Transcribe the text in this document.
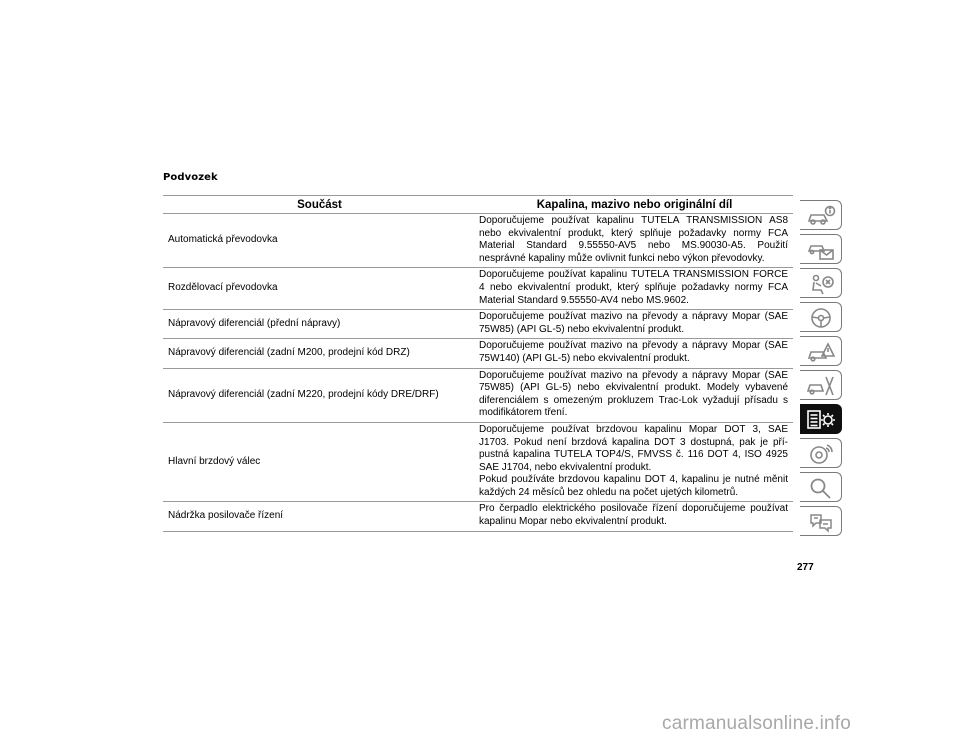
Podvozek
Součást	Kapalina, mazivo nebo originální díl
Automatická převodovka	Doporučujeme používat kapalinu TUTELA TRANSMISSION AS8 nebo ekvivalentní produkt, který splňuje požadavky normy FCA Material Standard 9.55550-AV5 nebo MS.90030-A5. Použití nesprávné kapaliny může ovlivnit funkci nebo výkon převodovky.
Rozdělovací převodovka	Doporučujeme používat kapalinu TUTELA TRANSMISSION FORCE 4 nebo ekvivalentní produkt, který splňuje požadavky normy FCA Material Standard 9.55550-AV4 nebo MS.9602.
Nápravový diferenciál (přední nápravy)	Doporučujeme používat mazivo na převody a nápravy Mopar (SAE 75W85) (API GL-5) nebo ekvivalentní produkt.
Nápravový diferenciál (zadní M200, prodejní kód DRZ)	Doporučujeme používat mazivo na převody a nápravy Mopar (SAE 75W140) (API GL-5) nebo ekvivalentní produkt.
Nápravový diferenciál (zadní M220, prodejní kódy DRE/DRF)	Doporučujeme používat mazivo na převody a nápravy Mopar (SAE 75W85) (API GL-5) nebo ekvivalentní produkt. Modely vybavené diferenciálem s omezeným prokluzem Trac-Lok vyžadují přísadu s modifikátorem tření.
Hlavní brzdový válec	Doporučujeme používat brzdovou kapalinu Mopar DOT 3, SAE J1703. Pokud není brzdová kapalina DOT 3 dostupná, pak je pří-pustná kapalina TUTELA TOP4/S, FMVSS č. 116 DOT 4, ISO 4925 SAE J1704, nebo ekvivalentní produkt.
Pokud používáte brzdovou kapalinu DOT 4, kapalinu je nutné měnit každých 24 měsíců bez ohledu na počet ujetých kilometrů.

Nádržka posilovače řízení	Pro čerpadlo elektrického posilovače řízení doporučujeme používat kapalinu Mopar nebo ekvivalentní produkt.
277
carmanualsonline.info
